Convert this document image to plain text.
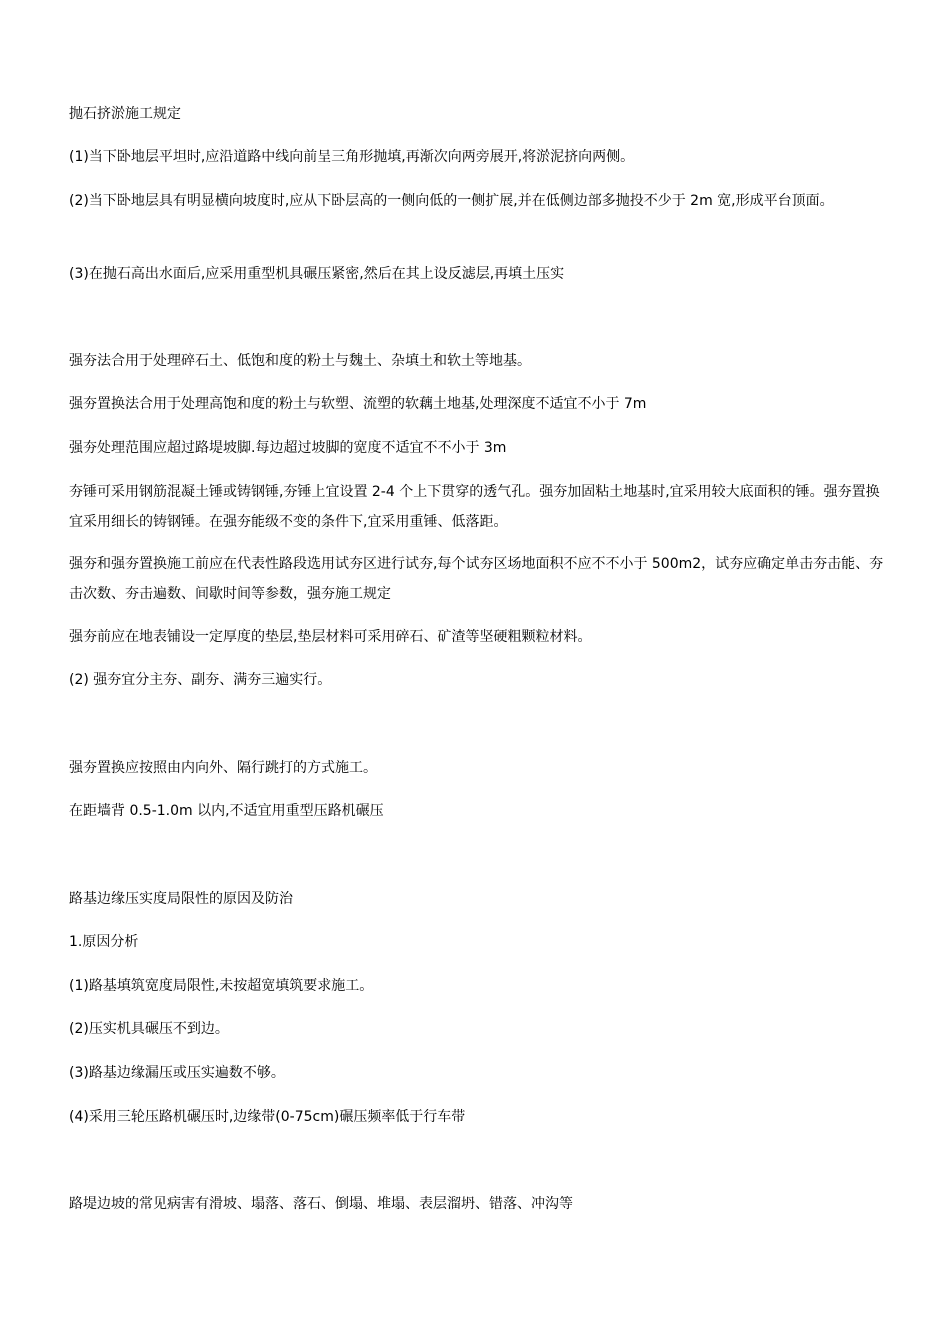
抛石挤淤施工规定
(1)当下卧地层平坦时,应沿道路中线向前呈三角形抛填,再渐次向两旁展开,将淤泥挤向两侧。
(2)当下卧地层具有明显横向坡度时,应从下卧层高的一侧向低的一侧扩展,并在低侧边部多抛投不少于 2m 宽,形成平台顶面。
(3)在抛石高出水面后,应采用重型机具碾压紧密,然后在其上设反滤层,再填土压实
强夯法合用于处理碎石土、低饱和度的粉土与魏土、杂填土和软土等地基。
强夯置换法合用于处理高饱和度的粉土与软塑、流塑的软藕土地基,处理深度不适宜不小于 7m
强夯处理范围应超过路堤坡脚.每边超过坡脚的宽度不适宜不不小于 3m
夯锤可采用钢筋混凝土锤或铸钢锤,夯锤上宜设置 2-4 个上下贯穿的透气孔。强夯加固粘土地基时,宜采用较大底面积的锤。强夯置换宜采用细长的铸钢锤。在强夯能级不变的条件下,宜采用重锤、低落距。
强夯和强夯置换施工前应在代表性路段选用试夯区进行试夯,每个试夯区场地面积不应不不小于 500m2，试夯应确定单击夯击能、夯击次数、夯击遍数、间歇时间等参数，强夯施工规定
强夯前应在地表铺设一定厚度的垫层,垫层材料可采用碎石、矿渣等坚硬粗颗粒材料。
(2) 强夯宜分主夯、副夯、满夯三遍实行。
强夯置换应按照由内向外、隔行跳打的方式施工。
在距墙背 0.5-1.0m 以内,不适宜用重型压路机碾压
路基边缘压实度局限性的原因及防治
1.原因分析
(1)路基填筑宽度局限性,未按超宽填筑要求施工。
(2)压实机具碾压不到边。
(3)路基边缘漏压或压实遍数不够。
(4)采用三轮压路机碾压时,边缘带(0-75cm)碾压频率低于行车带
路堤边坡的常见病害有滑坡、塌落、落石、倒塌、堆塌、表层溜坍、错落、冲沟等
